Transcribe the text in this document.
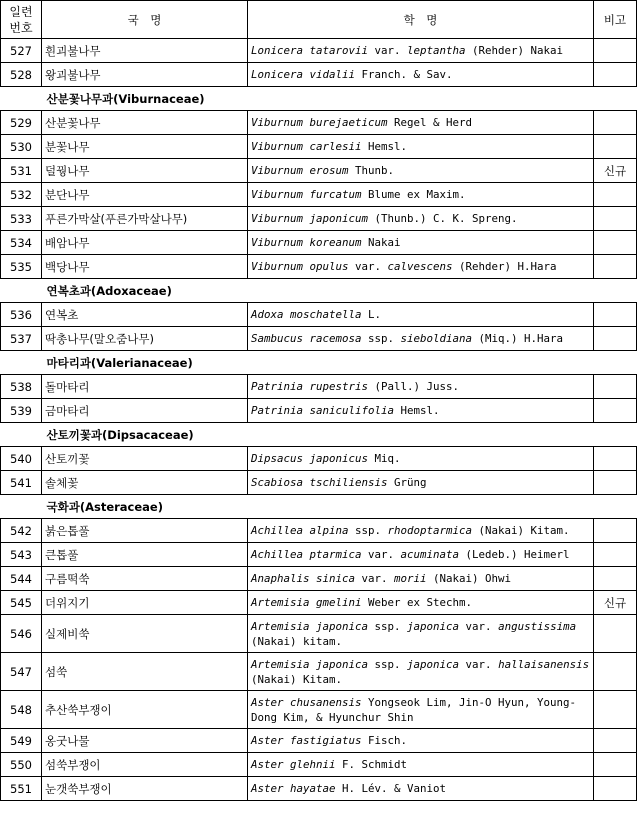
일련
번호	국　명	학　명	비고
527	흰괴불나무	Lonicera tatarovii var. leptantha (Rehder) Nakai	
528	왕괴불나무	Lonicera vidalii Franch. & Sav.	
산분꽃나무과(Viburnaceae)			
529	산분꽃나무	Viburnum burejaeticum Regel & Herd	
530	분꽃나무	Viburnum carlesii Hemsl.	
531	덜꿩나무	Viburnum erosum Thunb.	신규
532	분단나무	Viburnum furcatum Blume ex Maxim.	
533	푸른가막살(푸른가막살나무)	Viburnum japonicum (Thunb.) C. K. Spreng.	
534	배암나무	Viburnum koreanum Nakai	
535	백당나무	Viburnum opulus var. calvescens (Rehder) H.Hara	
연복초과(Adoxaceae)			
536	연복초	Adoxa moschatella L.	
537	딱총나무(말오줌나무)	Sambucus racemosa ssp. sieboldiana (Miq.) H.Hara	
마타리과(Valerianaceae)			
538	돌마타리	Patrinia rupestris (Pall.) Juss.	
539	금마타리	Patrinia saniculifolia Hemsl.	
산토끼꽃과(Dipsacaceae)			
540	산토끼꽃	Dipsacus japonicus Miq.	
541	솔체꽃	Scabiosa tschiliensis Grüng	
국화과(Asteraceae)			
542	붉은톱풀	Achillea alpina ssp. rhodoptarmica (Nakai) Kitam.	
543	큰톱풀	Achillea ptarmica var. acuminata (Ledeb.) Heimerl	
544	구름떡쑥	Anaphalis sinica var. morii (Nakai) Ohwi	
545	더위지기	Artemisia gmelini Weber ex Stechm.	신규
546	실제비쑥	Artemisia japonica ssp. japonica var. angustissima (Nakai) kitam.	
547	섬쑥	Artemisia japonica ssp. japonica var. hallaisanensis (Nakai) Kitam.	
548	추산쑥부쟁이	Aster chusanensis Yongseok Lim, Jin-O Hyun, Young-Dong Kim, & Hyunchur Shin	
549	옹굿나물	Aster fastigiatus Fisch.	
550	섬쑥부쟁이	Aster glehnii F. Schmidt	
551	눈갯쑥부쟁이	Aster hayatae H. Lév. & Vaniot	
